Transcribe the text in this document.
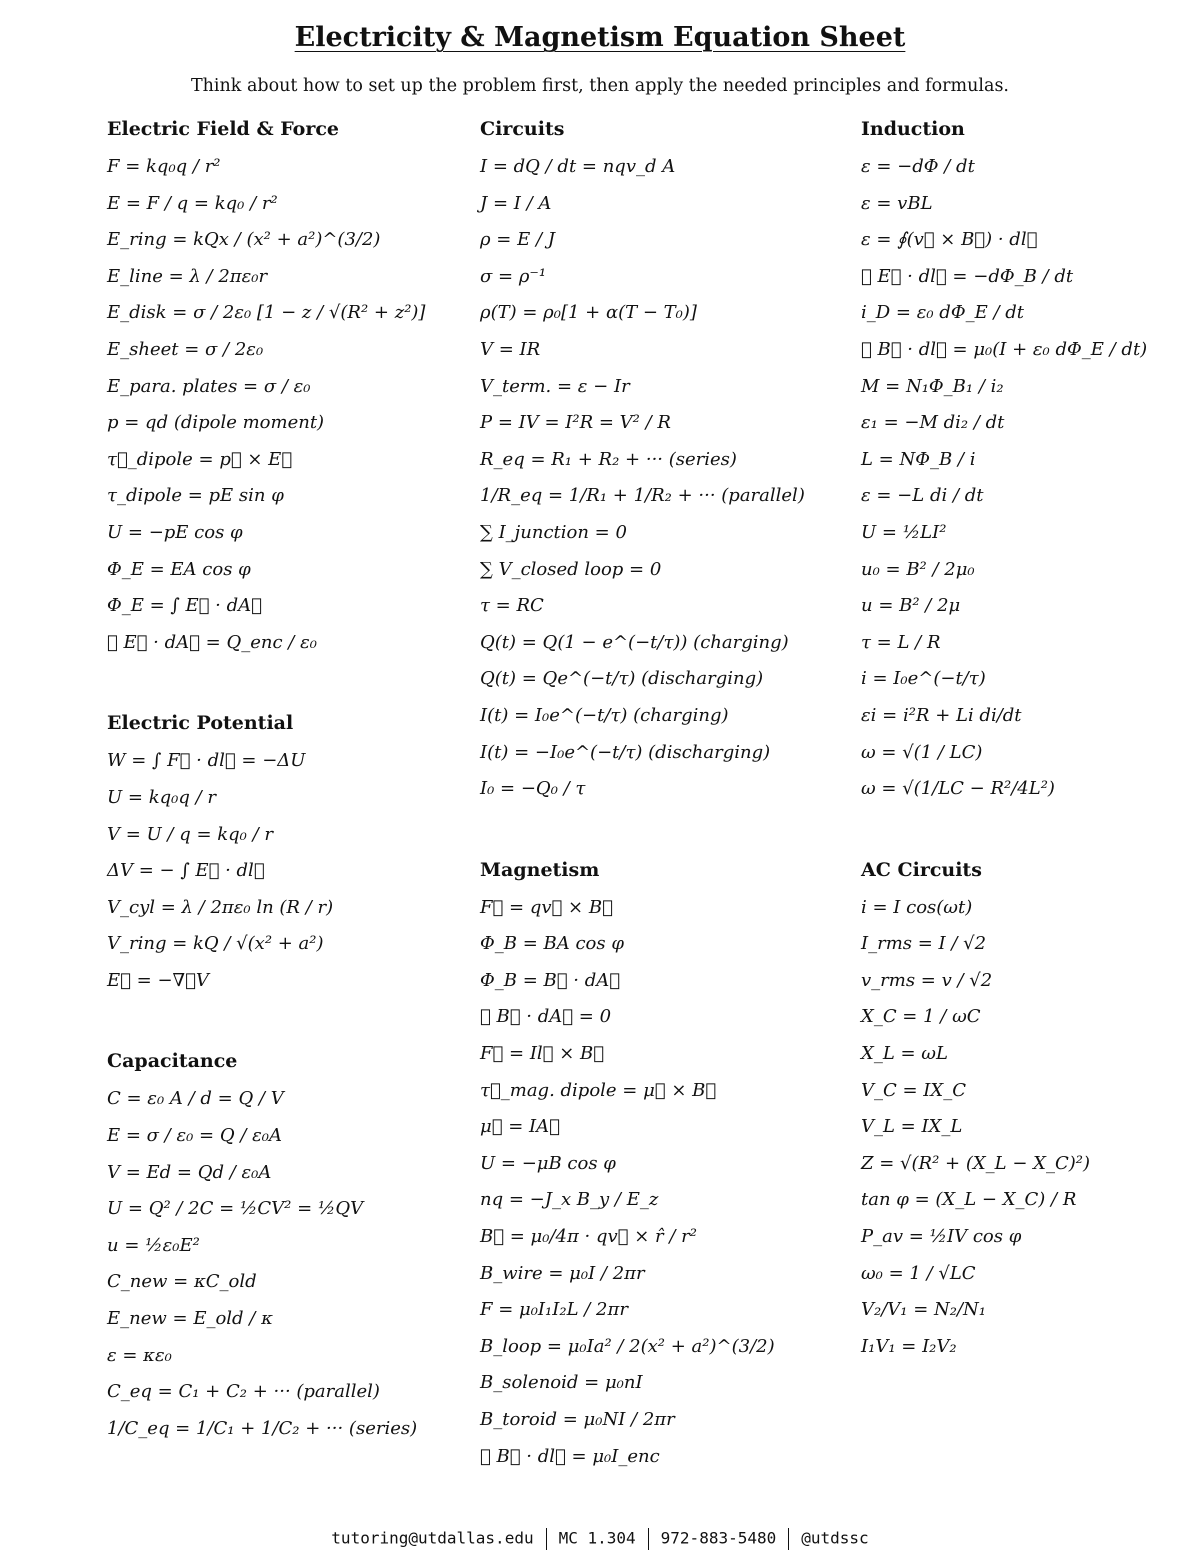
Electricity & Magnetism Equation Sheet
Think about how to set up the problem first, then apply the needed principles and formulas.
Electric Field & Force
F = kq₀q / r²
E = F / q = kq₀ / r²
E_ring = kQx / (x² + a²)^(3/2)
E_line = λ / 2πε₀r
E_disk = σ / 2ε₀ [1 − z / √(R² + z²)]
E_sheet = σ / 2ε₀
E_para. plates = σ / ε₀
p = qd (dipole moment)
τ⃗_dipole = p⃗ × E⃗
τ_dipole = pE sin φ
U = −pE cos φ
Φ_E = EA cos φ
Φ_E = ∫ E⃗ · dA⃗
∮ E⃗ · dA⃗ = Q_enc / ε₀
Electric Potential
W = ∫ F⃗ · dl⃗ = −ΔU
U = kq₀q / r
V = U / q = kq₀ / r
ΔV = − ∫ E⃗ · dl⃗
V_cyl = λ / 2πε₀ ln (R / r)
V_ring = kQ / √(x² + a²)
E⃗ = −∇⃗V
Capacitance
C = ε₀ A / d = Q / V
E = σ / ε₀ = Q / ε₀A
V = Ed = Qd / ε₀A
U = Q² / 2C = ½CV² = ½QV
u = ½ε₀E²
C_new = κC_old
E_new = E_old / κ
ε = κε₀
C_eq = C₁ + C₂ + ··· (parallel)
1/C_eq = 1/C₁ + 1/C₂ + ··· (series)
Circuits
I = dQ / dt = nqv_d A
J = I / A
ρ = E / J
σ = ρ⁻¹
ρ(T) = ρ₀[1 + α(T − T₀)]
V = IR
V_term. = ε − Ir
P = IV = I²R = V² / R
R_eq = R₁ + R₂ + ··· (series)
1/R_eq = 1/R₁ + 1/R₂ + ··· (parallel)
∑ I_junction = 0
∑ V_closed loop = 0
τ = RC
Q(t) = Q(1 − e^(−t/τ)) (charging)
Q(t) = Qe^(−t/τ) (discharging)
I(t) = I₀e^(−t/τ) (charging)
I(t) = −I₀e^(−t/τ) (discharging)
I₀ = −Q₀ / τ
Magnetism
F⃗ = qv⃗ × B⃗
Φ_B = BA cos φ
Φ_B = B⃗ · dA⃗
∮ B⃗ · dA⃗ = 0
F⃗ = Il⃗ × B⃗
τ⃗_mag. dipole = μ⃗ × B⃗
μ⃗ = IA⃗
U = −μB cos φ
nq = −J_x B_y / E_z
B⃗ = μ₀/4π · qv⃗ × r̂ / r²
B_wire = μ₀I / 2πr
F = μ₀I₁I₂L / 2πr
B_loop = μ₀Ia² / 2(x² + a²)^(3/2)
B_solenoid = μ₀nI
B_toroid = μ₀NI / 2πr
∮ B⃗ · dl⃗ = μ₀I_enc
Induction
ε = −dΦ / dt
ε = vBL
ε = ∮(v⃗ × B⃗) · dl⃗
∮ E⃗ · dl⃗ = −dΦ_B / dt
i_D = ε₀ dΦ_E / dt
∮ B⃗ · dl⃗ = μ₀(I + ε₀ dΦ_E / dt)
M = N₁Φ_B₁ / i₂
ε₁ = −M di₂ / dt
L = NΦ_B / i
ε = −L di / dt
U = ½LI²
u₀ = B² / 2μ₀
u = B² / 2μ
τ = L / R
i = I₀e^(−t/τ)
εi = i²R + Li di/dt
ω = √(1 / LC)
ω = √(1/LC − R²/4L²)
AC Circuits
i = I cos(ωt)
I_rms = I / √2
v_rms = v / √2
X_C = 1 / ωC
X_L = ωL
V_C = IX_C
V_L = IX_L
Z = √(R² + (X_L − X_C)²)
tan φ = (X_L − X_C) / R
P_av = ½IV cos φ
ω₀ = 1 / √LC
V₂/V₁ = N₂/N₁
I₁V₁ = I₂V₂
tutoring@utdallas.edu MC 1.304 972-883-5480 @utdssc
